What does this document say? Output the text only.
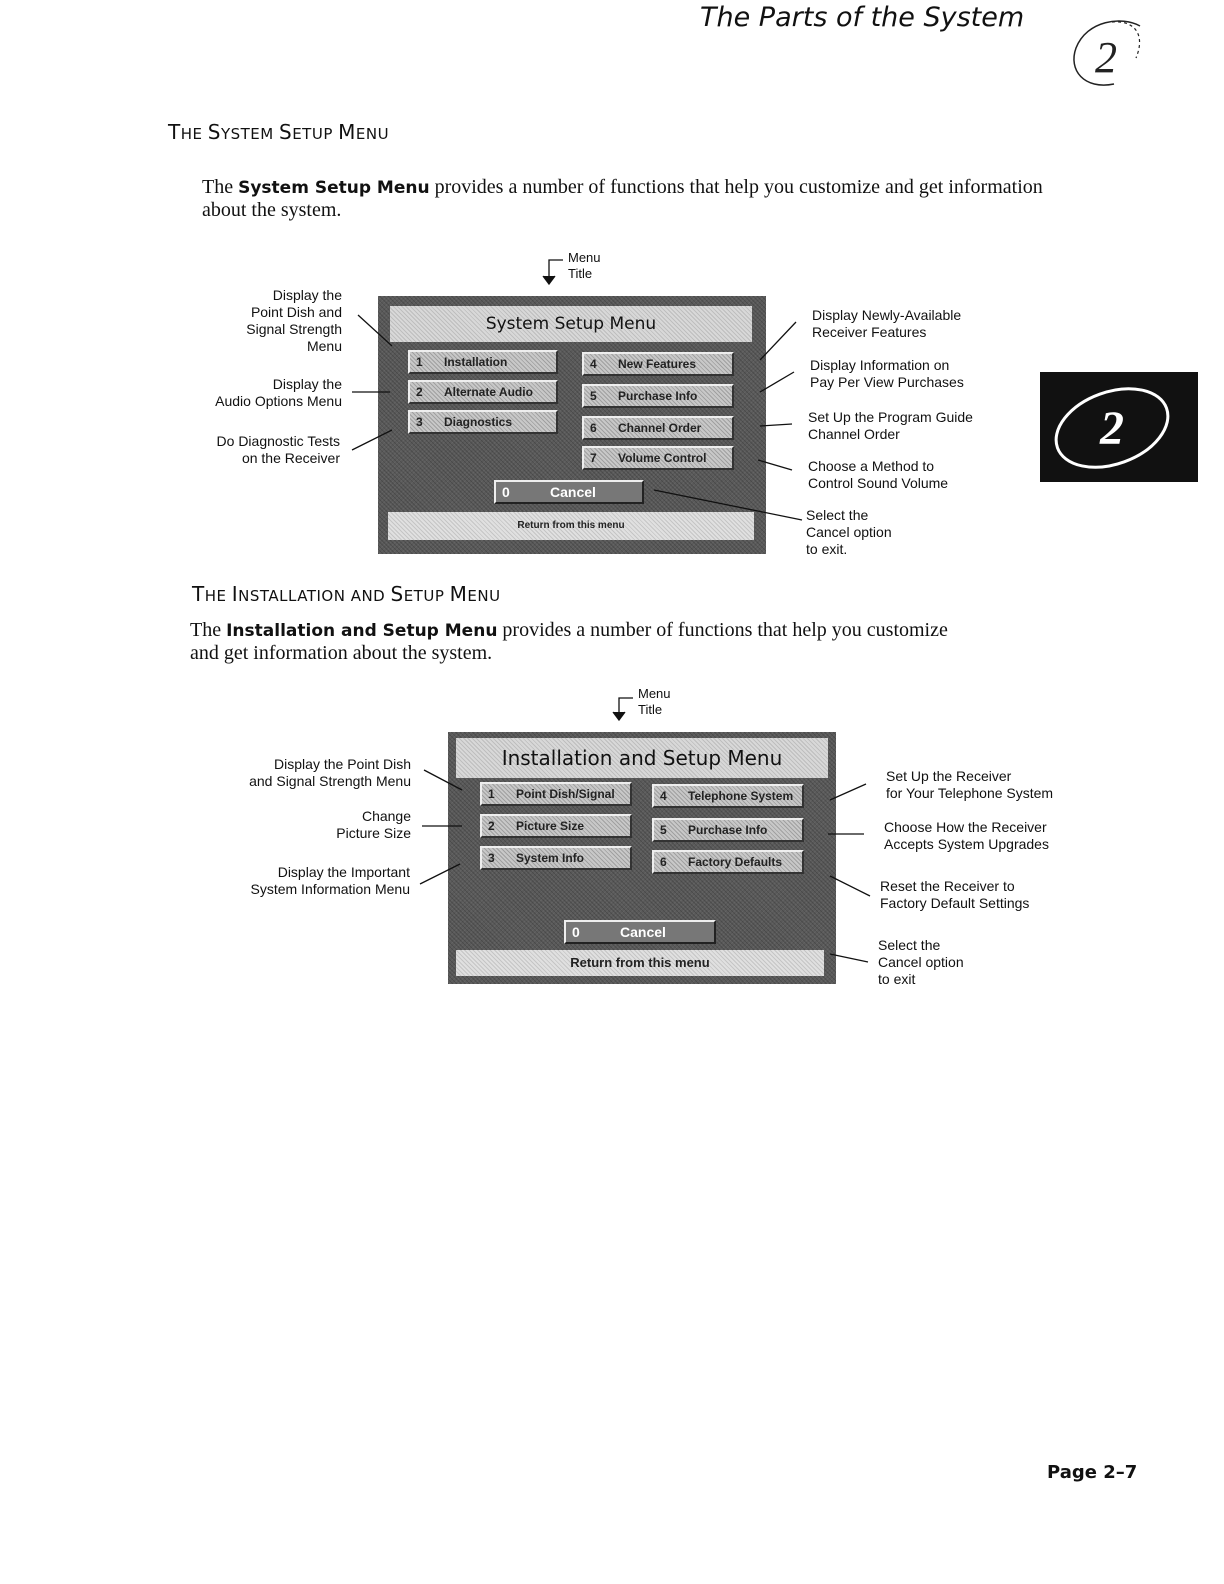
The Parts of the System
2
2
THE SYSTEM SETUP MENU
The System Setup Menu provides a number of functions that help you customize and get information
about the system.
Menu
Title
System Setup Menu
1 Installation
2 Alternate Audio
3 Diagnostics
4 New Features
5 Purchase Info
6 Channel Order
7 Volume Control
0	Cancel
Return from this menu
Display the
Point Dish and
Signal Strength
Menu
Display the
Audio Options Menu
Do Diagnostic Tests
on the Receiver
Display Newly-Available
Receiver Features
Display Information on
Pay Per View Purchases
Set Up the Program Guide
Channel Order
Choose a Method to
Control Sound Volume
Select the
Cancel option
to exit.
THE INSTALLATION AND SETUP MENU
The Installation and Setup Menu provides a number of functions that help you customize
and get information about the system.
Menu
Title
Installation and Setup Menu
1 Point Dish/Signal
2 Picture Size
3 System Info
4 Telephone System
5 Purchase Info
6 Factory Defaults
0	Cancel
Return from this menu
Display the Point Dish
and Signal Strength Menu
Change
Picture Size
Display the Important
System Information Menu
Set Up the Receiver
for Your Telephone System
Choose How the Receiver
Accepts System Upgrades
Reset the Receiver to
Factory Default Settings
Select the
Cancel option
to exit
Page 2–7
